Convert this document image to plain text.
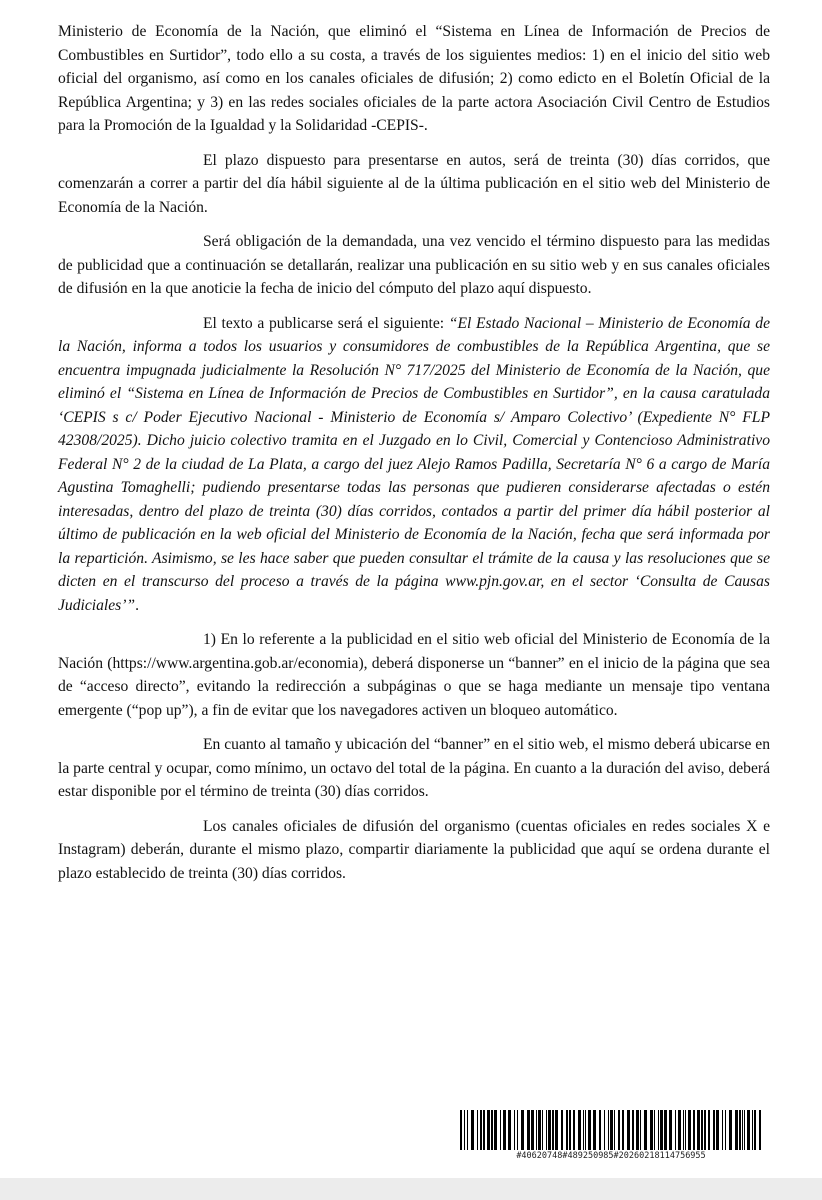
Ministerio de Economía de la Nación, que eliminó el “Sistema en Línea de Información de Precios de Combustibles en Surtidor”, todo ello a su costa, a través de los siguientes medios: 1) en el inicio del sitio web oficial del organismo, así como en los canales oficiales de difusión; 2) como edicto en el Boletín Oficial de la República Argentina; y 3) en las redes sociales oficiales de la parte actora Asociación Civil Centro de Estudios para la Promoción de la Igualdad y la Solidaridad -CEPIS-.

El plazo dispuesto para presentarse en autos, será de treinta (30) días corridos, que comenzarán a correr a partir del día hábil siguiente al de la última publicación en el sitio web del Ministerio de Economía de la Nación.

Será obligación de la demandada, una vez vencido el término dispuesto para las medidas de publicidad que a continuación se detallarán, realizar una publicación en su sitio web y en sus canales oficiales de difusión en la que anoticie la fecha de inicio del cómputo del plazo aquí dispuesto.

El texto a publicarse será el siguiente: “El Estado Nacional – Ministerio de Economía de la Nación, informa a todos los usuarios y consumidores de combustibles de la República Argentina, que se encuentra impugnada judicialmente la Resolución N° 717/2025 del Ministerio de Economía de la Nación, que eliminó el “Sistema en Línea de Información de Precios de Combustibles en Surtidor”, en la causa caratulada ‘CEPIS s c/ Poder Ejecutivo Nacional - Ministerio de Economía s/ Amparo Colectivo’ (Expediente N° FLP 42308/2025). Dicho juicio colectivo tramita en el Juzgado en lo Civil, Comercial y Contencioso Administrativo Federal N° 2 de la ciudad de La Plata, a cargo del juez Alejo Ramos Padilla, Secretaría N° 6 a cargo de María Agustina Tomaghelli; pudiendo presentarse todas las personas que pudieren considerarse afectadas o estén interesadas, dentro del plazo de treinta (30) días corridos, contados a partir del primer día hábil posterior al último de publicación en la web oficial del Ministerio de Economía de la Nación, fecha que será informada por la repartición. Asimismo, se les hace saber que pueden consultar el trámite de la causa y las resoluciones que se dicten en el transcurso del proceso a través de la página www.pjn.gov.ar, en el sector ‘Consulta de Causas Judiciales’”.

1) En lo referente a la publicidad en el sitio web oficial del Ministerio de Economía de la Nación (https://www.argentina.gob.ar/economia), deberá disponerse un “banner” en el inicio de la página que sea de “acceso directo”, evitando la redirección a subpáginas o que se haga mediante un mensaje tipo ventana emergente (“pop up”), a fin de evitar que los navegadores activen un bloqueo automático.

En cuanto al tamaño y ubicación del “banner” en el sitio web, el mismo deberá ubicarse en la parte central y ocupar, como mínimo, un octavo del total de la página. En cuanto a la duración del aviso, deberá estar disponible por el término de treinta (30) días corridos.

Los canales oficiales de difusión del organismo (cuentas oficiales en redes sociales X e Instagram) deberán, durante el mismo plazo, compartir diariamente la publicidad que aquí se ordena durante el plazo establecido de treinta (30) días corridos.

#40620748#489250985#20260218114756955
